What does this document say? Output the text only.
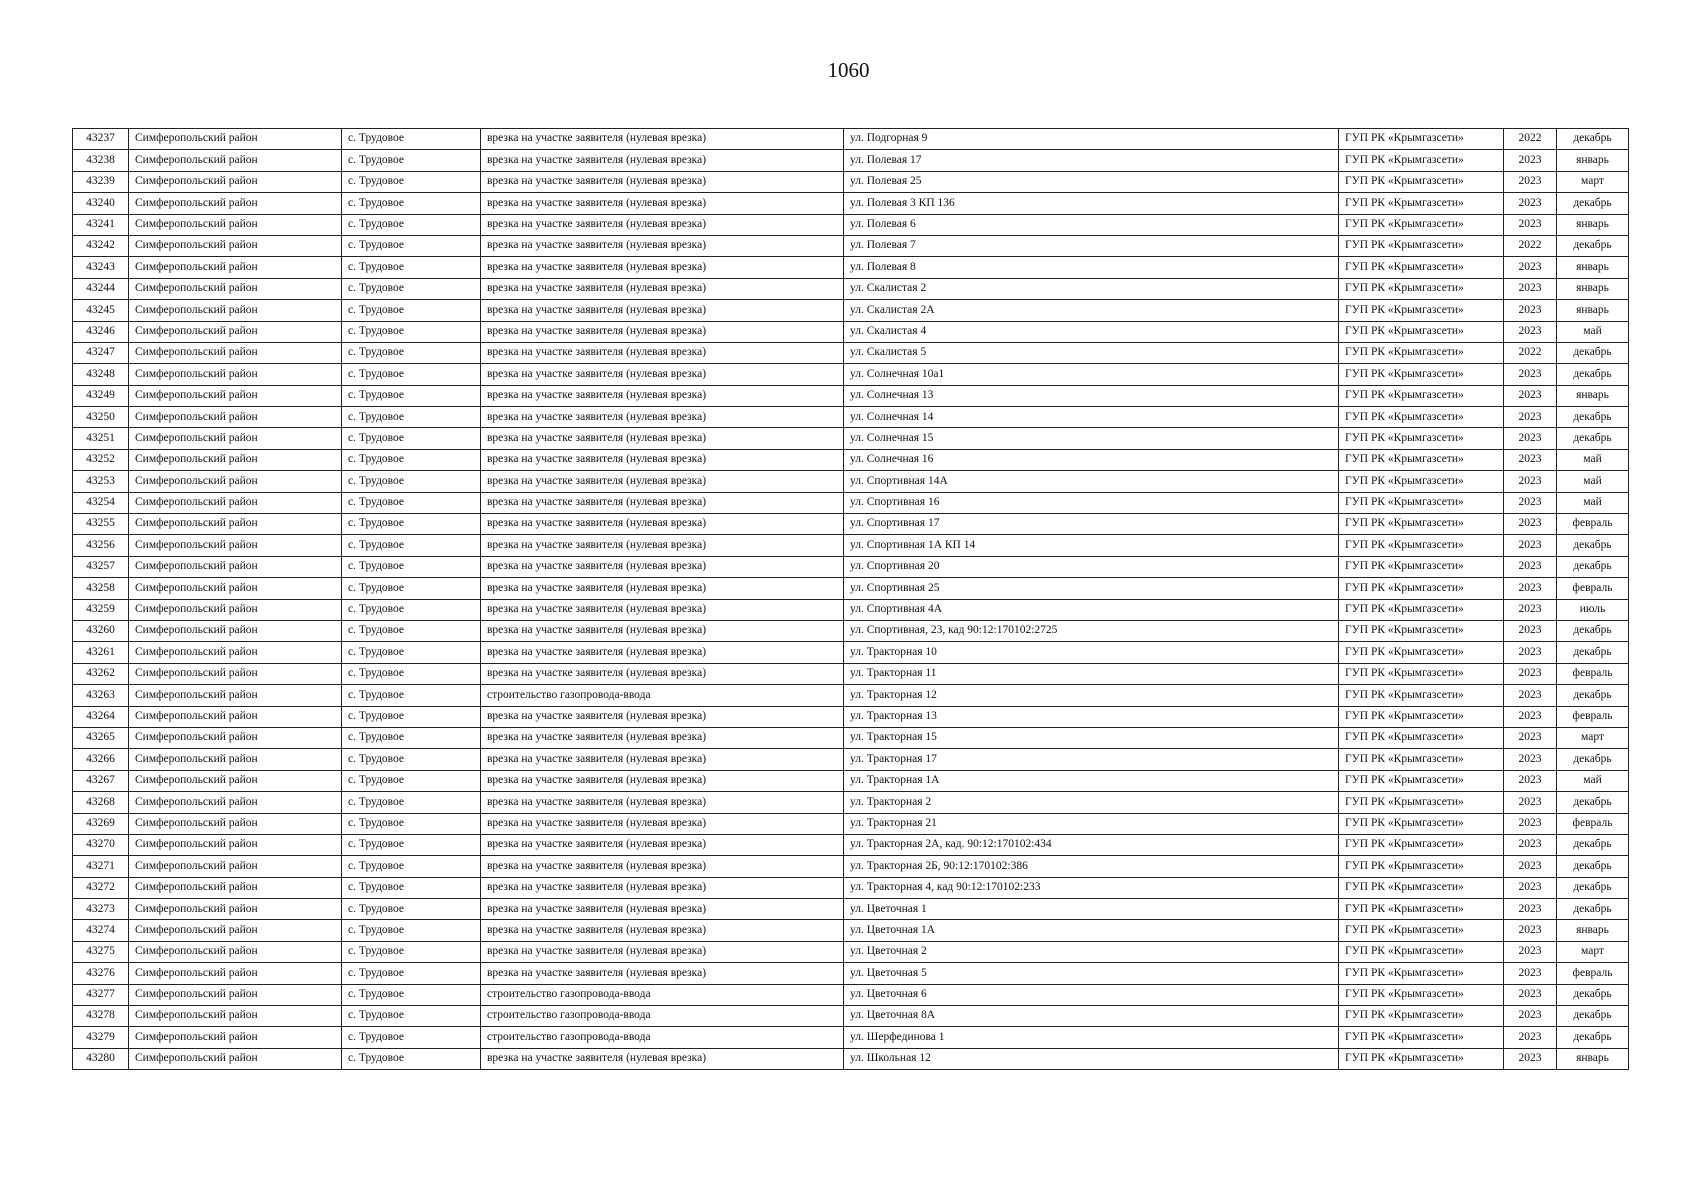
1060
43237	Симферопольский район	с. Трудовое	врезка на участке заявителя (нулевая врезка)	ул. Подгорная 9	ГУП РК «Крымгазсети»	2022	декабрь
43238	Симферопольский район	с. Трудовое	врезка на участке заявителя (нулевая врезка)	ул. Полевая 17	ГУП РК «Крымгазсети»	2023	январь
43239	Симферопольский район	с. Трудовое	врезка на участке заявителя (нулевая врезка)	ул. Полевая 25	ГУП РК «Крымгазсети»	2023	март
43240	Симферопольский район	с. Трудовое	врезка на участке заявителя (нулевая врезка)	ул. Полевая 3 КП 136	ГУП РК «Крымгазсети»	2023	декабрь
43241	Симферопольский район	с. Трудовое	врезка на участке заявителя (нулевая врезка)	ул. Полевая 6	ГУП РК «Крымгазсети»	2023	январь
43242	Симферопольский район	с. Трудовое	врезка на участке заявителя (нулевая врезка)	ул. Полевая 7	ГУП РК «Крымгазсети»	2022	декабрь
43243	Симферопольский район	с. Трудовое	врезка на участке заявителя (нулевая врезка)	ул. Полевая 8	ГУП РК «Крымгазсети»	2023	январь
43244	Симферопольский район	с. Трудовое	врезка на участке заявителя (нулевая врезка)	ул. Скалистая 2	ГУП РК «Крымгазсети»	2023	январь
43245	Симферопольский район	с. Трудовое	врезка на участке заявителя (нулевая врезка)	ул. Скалистая 2А	ГУП РК «Крымгазсети»	2023	январь
43246	Симферопольский район	с. Трудовое	врезка на участке заявителя (нулевая врезка)	ул. Скалистая 4	ГУП РК «Крымгазсети»	2023	май
43247	Симферопольский район	с. Трудовое	врезка на участке заявителя (нулевая врезка)	ул. Скалистая 5	ГУП РК «Крымгазсети»	2022	декабрь
43248	Симферопольский район	с. Трудовое	врезка на участке заявителя (нулевая врезка)	ул. Солнечная 10а1	ГУП РК «Крымгазсети»	2023	декабрь
43249	Симферопольский район	с. Трудовое	врезка на участке заявителя (нулевая врезка)	ул. Солнечная 13	ГУП РК «Крымгазсети»	2023	январь
43250	Симферопольский район	с. Трудовое	врезка на участке заявителя (нулевая врезка)	ул. Солнечная 14	ГУП РК «Крымгазсети»	2023	декабрь
43251	Симферопольский район	с. Трудовое	врезка на участке заявителя (нулевая врезка)	ул. Солнечная 15	ГУП РК «Крымгазсети»	2023	декабрь
43252	Симферопольский район	с. Трудовое	врезка на участке заявителя (нулевая врезка)	ул. Солнечная 16	ГУП РК «Крымгазсети»	2023	май
43253	Симферопольский район	с. Трудовое	врезка на участке заявителя (нулевая врезка)	ул. Спортивная 14А	ГУП РК «Крымгазсети»	2023	май
43254	Симферопольский район	с. Трудовое	врезка на участке заявителя (нулевая врезка)	ул. Спортивная 16	ГУП РК «Крымгазсети»	2023	май
43255	Симферопольский район	с. Трудовое	врезка на участке заявителя (нулевая врезка)	ул. Спортивная 17	ГУП РК «Крымгазсети»	2023	февраль
43256	Симферопольский район	с. Трудовое	врезка на участке заявителя (нулевая врезка)	ул. Спортивная 1А КП 14	ГУП РК «Крымгазсети»	2023	декабрь
43257	Симферопольский район	с. Трудовое	врезка на участке заявителя (нулевая врезка)	ул. Спортивная 20	ГУП РК «Крымгазсети»	2023	декабрь
43258	Симферопольский район	с. Трудовое	врезка на участке заявителя (нулевая врезка)	ул. Спортивная 25	ГУП РК «Крымгазсети»	2023	февраль
43259	Симферопольский район	с. Трудовое	врезка на участке заявителя (нулевая врезка)	ул. Спортивная 4А	ГУП РК «Крымгазсети»	2023	июль
43260	Симферопольский район	с. Трудовое	врезка на участке заявителя (нулевая врезка)	ул. Спортивная, 23, кад 90:12:170102:2725	ГУП РК «Крымгазсети»	2023	декабрь
43261	Симферопольский район	с. Трудовое	врезка на участке заявителя (нулевая врезка)	ул. Тракторная 10	ГУП РК «Крымгазсети»	2023	декабрь
43262	Симферопольский район	с. Трудовое	врезка на участке заявителя (нулевая врезка)	ул. Тракторная 11	ГУП РК «Крымгазсети»	2023	февраль
43263	Симферопольский район	с. Трудовое	строительство газопровода-ввода	ул. Тракторная 12	ГУП РК «Крымгазсети»	2023	декабрь
43264	Симферопольский район	с. Трудовое	врезка на участке заявителя (нулевая врезка)	ул. Тракторная 13	ГУП РК «Крымгазсети»	2023	февраль
43265	Симферопольский район	с. Трудовое	врезка на участке заявителя (нулевая врезка)	ул. Тракторная 15	ГУП РК «Крымгазсети»	2023	март
43266	Симферопольский район	с. Трудовое	врезка на участке заявителя (нулевая врезка)	ул. Тракторная 17	ГУП РК «Крымгазсети»	2023	декабрь
43267	Симферопольский район	с. Трудовое	врезка на участке заявителя (нулевая врезка)	ул. Тракторная 1А	ГУП РК «Крымгазсети»	2023	май
43268	Симферопольский район	с. Трудовое	врезка на участке заявителя (нулевая врезка)	ул. Тракторная 2	ГУП РК «Крымгазсети»	2023	декабрь
43269	Симферопольский район	с. Трудовое	врезка на участке заявителя (нулевая врезка)	ул. Тракторная 21	ГУП РК «Крымгазсети»	2023	февраль
43270	Симферопольский район	с. Трудовое	врезка на участке заявителя (нулевая врезка)	ул. Тракторная 2А, кад. 90:12:170102:434	ГУП РК «Крымгазсети»	2023	декабрь
43271	Симферопольский район	с. Трудовое	врезка на участке заявителя (нулевая врезка)	ул. Тракторная 2Б, 90:12:170102:386	ГУП РК «Крымгазсети»	2023	декабрь
43272	Симферопольский район	с. Трудовое	врезка на участке заявителя (нулевая врезка)	ул. Тракторная 4, кад 90:12:170102:233	ГУП РК «Крымгазсети»	2023	декабрь
43273	Симферопольский район	с. Трудовое	врезка на участке заявителя (нулевая врезка)	ул. Цветочная 1	ГУП РК «Крымгазсети»	2023	декабрь
43274	Симферопольский район	с. Трудовое	врезка на участке заявителя (нулевая врезка)	ул. Цветочная 1А	ГУП РК «Крымгазсети»	2023	январь
43275	Симферопольский район	с. Трудовое	врезка на участке заявителя (нулевая врезка)	ул. Цветочная 2	ГУП РК «Крымгазсети»	2023	март
43276	Симферопольский район	с. Трудовое	врезка на участке заявителя (нулевая врезка)	ул. Цветочная 5	ГУП РК «Крымгазсети»	2023	февраль
43277	Симферопольский район	с. Трудовое	строительство газопровода-ввода	ул. Цветочная 6	ГУП РК «Крымгазсети»	2023	декабрь
43278	Симферопольский район	с. Трудовое	строительство газопровода-ввода	ул. Цветочная 8А	ГУП РК «Крымгазсети»	2023	декабрь
43279	Симферопольский район	с. Трудовое	строительство газопровода-ввода	ул. Шерфединова 1	ГУП РК «Крымгазсети»	2023	декабрь
43280	Симферопольский район	с. Трудовое	врезка на участке заявителя (нулевая врезка)	ул. Школьная 12	ГУП РК «Крымгазсети»	2023	январь
